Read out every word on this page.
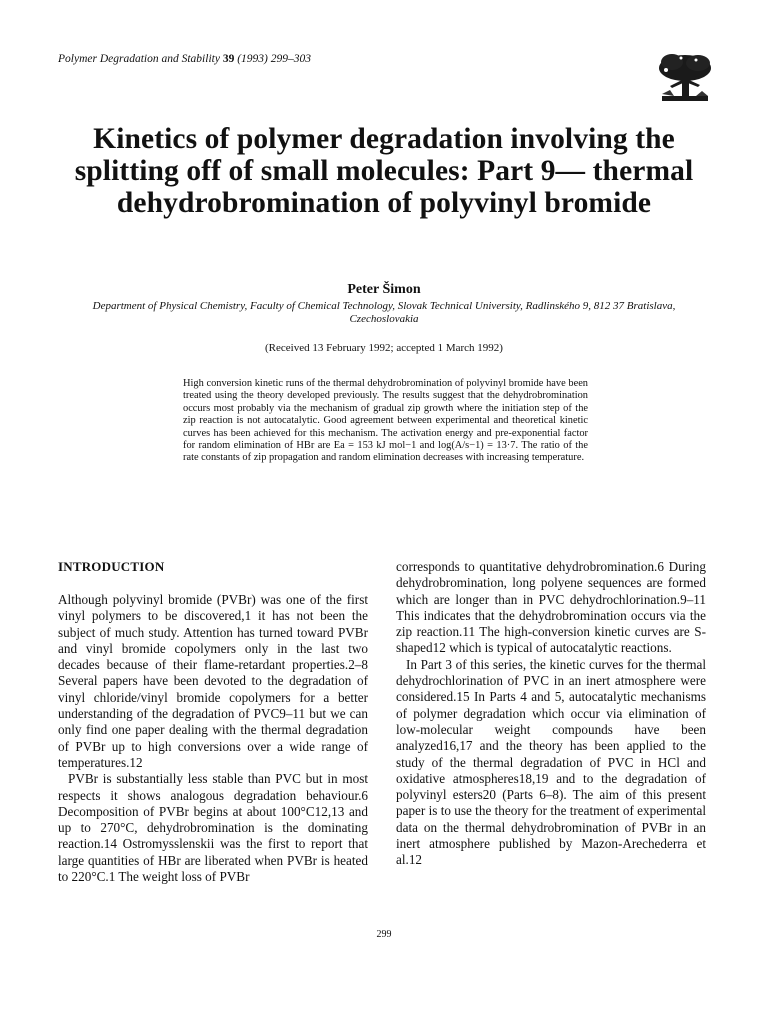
Polymer Degradation and Stability 39 (1993) 299–303
Kinetics of polymer degradation involving the splitting off of small molecules: Part 9— thermal dehydrobromination of polyvinyl bromide
Peter Šimon
Department of Physical Chemistry, Faculty of Chemical Technology, Slovak Technical University, Radlinského 9, 812 37 Bratislava, Czechoslovakia
(Received 13 February 1992; accepted 1 March 1992)
High conversion kinetic runs of the thermal dehydrobromination of polyvinyl bromide have been treated using the theory developed previously. The results suggest that the dehydrobromination occurs most probably via the mechanism of gradual zip growth where the initiation step of the zip reaction is not autocatalytic. Good agreement between experimental and theoretical kinetic curves has been achieved for this mechanism. The activation energy and pre-exponential factor for random elimination of HBr are Ea = 153 kJ mol−1 and log(A/s−1) = 13·7. The ratio of the rate constants of zip propagation and random elimination decreases with increasing temperature.
INTRODUCTION

Although polyvinyl bromide (PVBr) was one of the first vinyl polymers to be discovered,1 it has not been the subject of much study. Attention has turned toward PVBr and vinyl bromide copolymers only in the last two decades because of their flame-retardant properties.2–8 Several papers have been devoted to the degradation of vinyl chloride/vinyl bromide copolymers for a better understanding of the degradation of PVC9–11 but we can only find one paper dealing with the thermal degradation of PVBr up to high conversions over a wide range of temperatures.12

PVBr is substantially less stable than PVC but in most respects it shows analogous degradation behaviour.6 Decomposition of PVBr begins at about 100°C12,13 and up to 270°C, dehydrobromination is the dominating reaction.14 Ostromysslenskii was the first to report that large quantities of HBr are liberated when PVBr is heated to 220°C.1 The weight loss of PVBr

corresponds to quantitative dehydrobromination.6 During dehydrobromination, long polyene sequences are formed which are longer than in PVC dehydrochlorination.9–11 This indicates that the dehydrobromination occurs via the zip reaction.11 The high-conversion kinetic curves are S-shaped12 which is typical of autocatalytic reactions.

In Part 3 of this series, the kinetic curves for the thermal dehydrochlorination of PVC in an inert atmosphere were considered.15 In Parts 4 and 5, autocatalytic mechanisms of polymer degradation which occur via elimination of low-molecular weight compounds have been analyzed16,17 and the theory has been applied to the study of the thermal degradation of PVC in HCl and oxidative atmospheres18,19 and to the degradation of polyvinyl esters20 (Parts 6–8). The aim of this present paper is to use the theory for the treatment of experimental data on the thermal dehydrobromination of PVBr in an inert atmosphere published by Mazon-Arechederra et al.12

299
